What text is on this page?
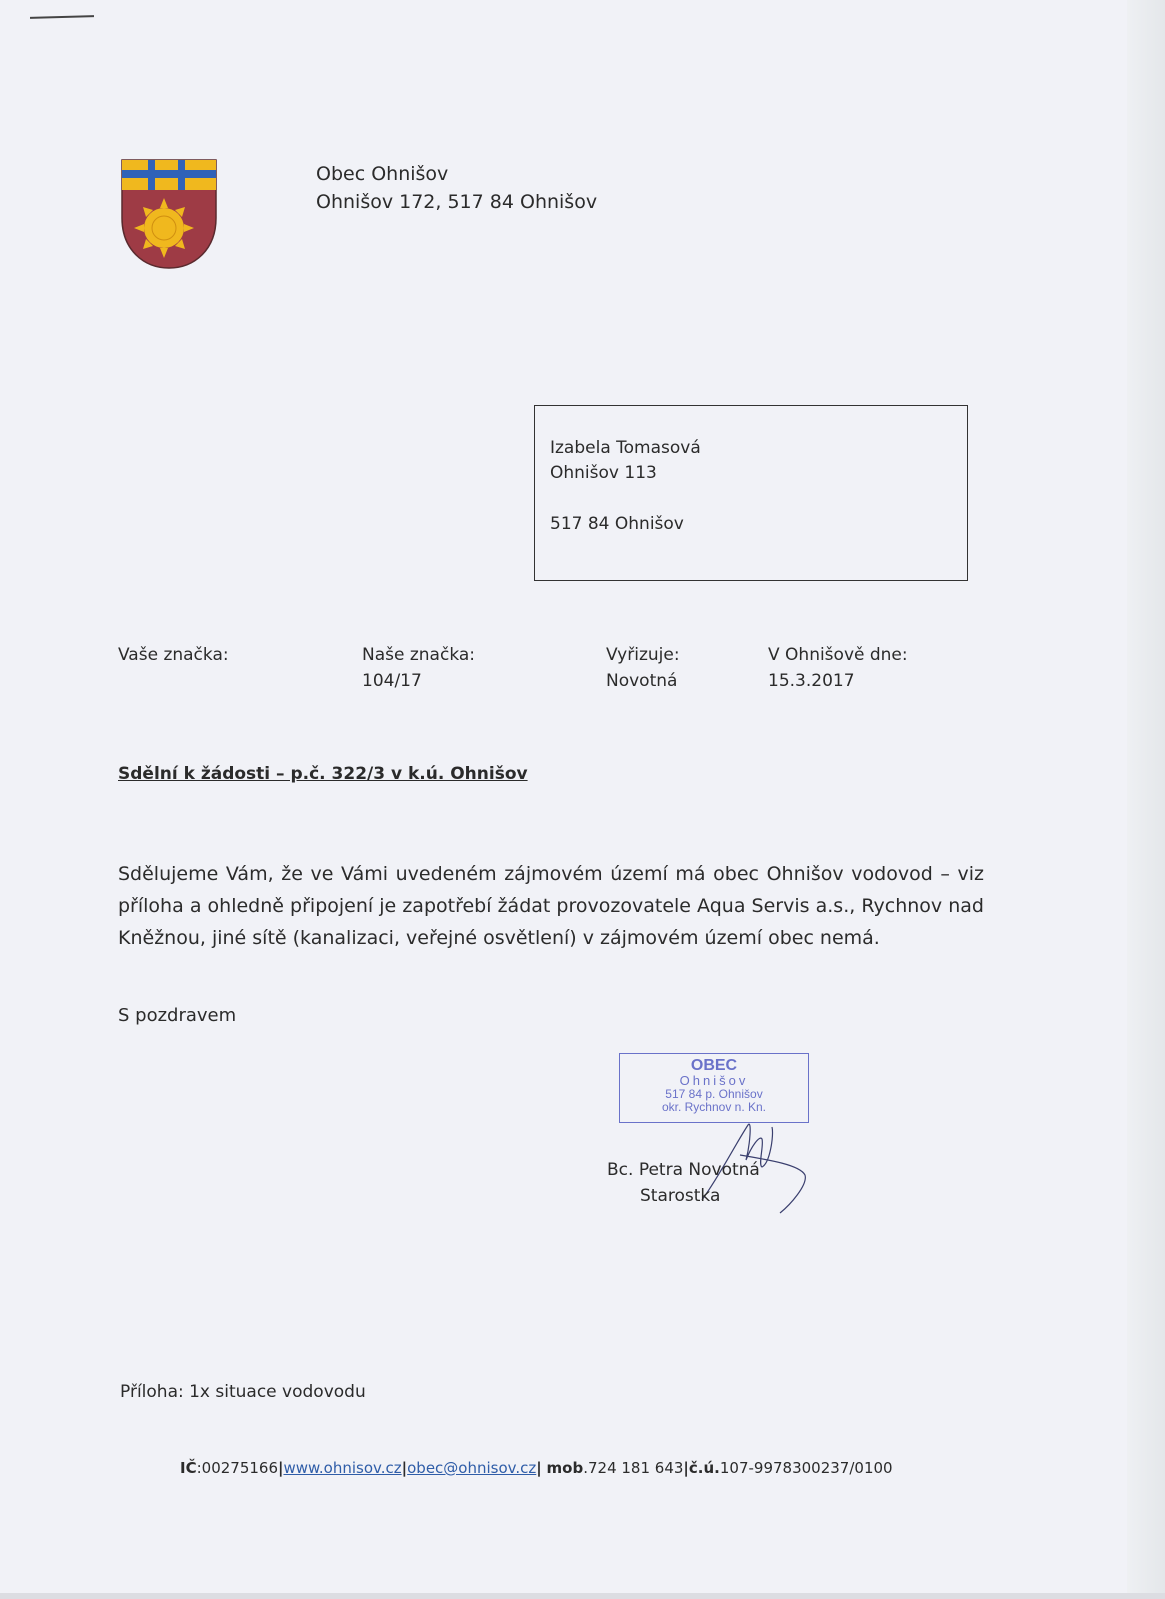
Obec Ohnišov
Ohnišov 172, 517 84 Ohnišov
Izabela Tomasová
Ohnišov 113
517 84 Ohnišov
Vaše značka:	Naše značka:
104/17
Vyřizuje:
Novotná
V Ohnišově dne:
15.3.2017
Sdělní k žádosti – p.č. 322/3 v k.ú. Ohnišov
Sdělujeme Vám, že ve Vámi uvedeném zájmovém území má obec Ohnišov vodovod – viz příloha a ohledně připojení je zapotřebí žádat provozovatele Aqua Servis a.s., Rychnov nad Kněžnou, jiné sítě (kanalizaci, veřejné osvětlení) v zájmovém území obec nemá.
S pozdravem
OBEC
Ohnišov
517 84 p. Ohnišov
okr. Rychnov n. Kn.
Bc. Petra Novotná
Starostka
Příloha: 1x situace vodovodu
IČ:00275166|www.ohnisov.cz|obec@ohnisov.cz| mob.724 181 643|č.ú.107-9978300237/0100
